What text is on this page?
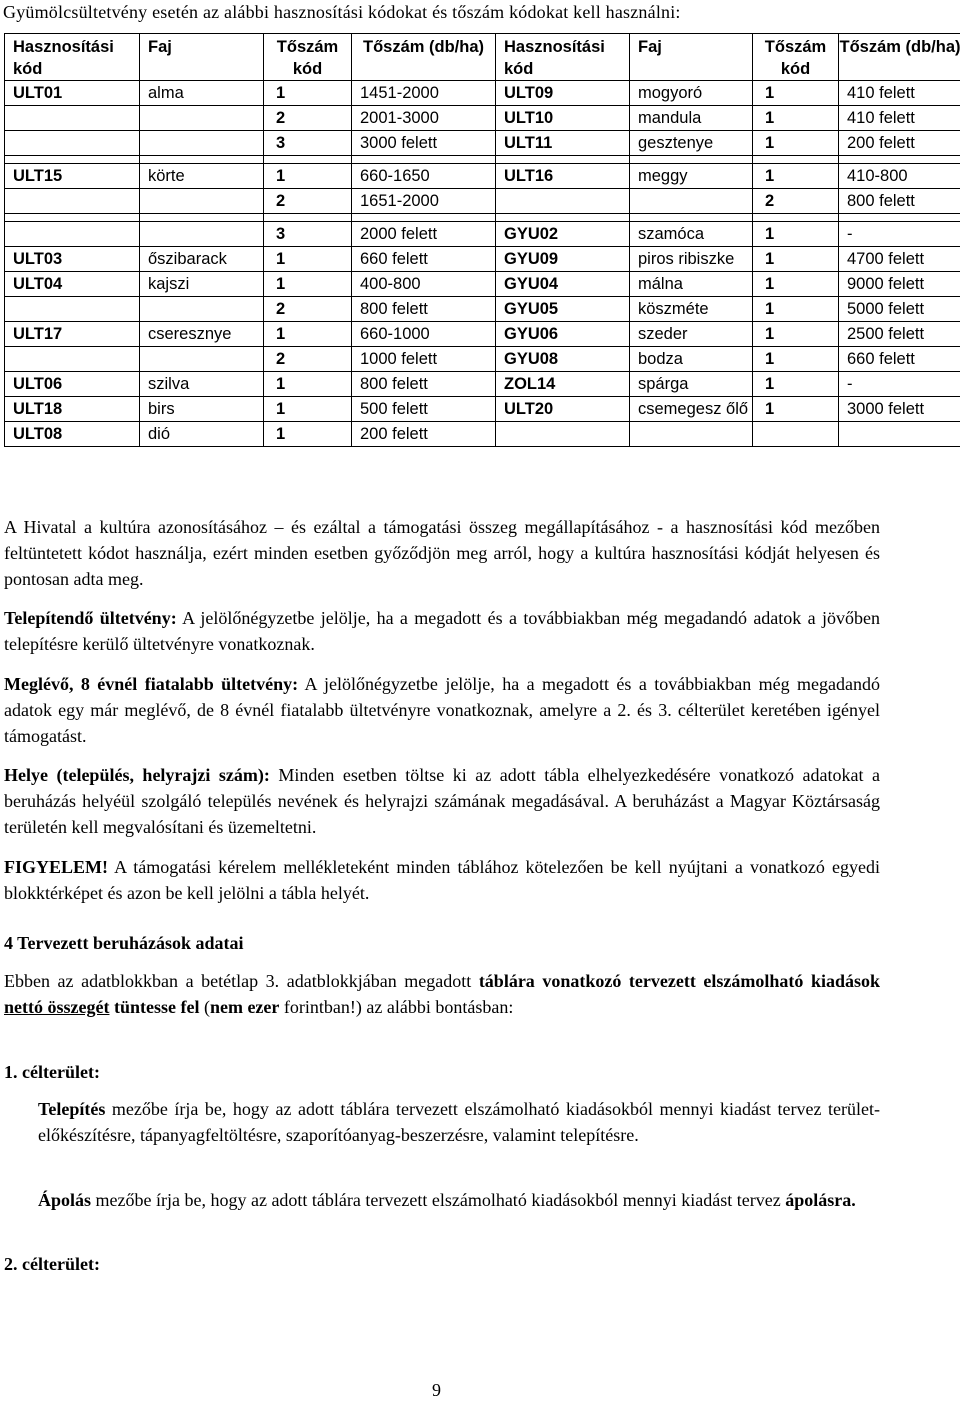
Gyümölcsültetvény esetén az alábbi hasznosítási kódokat és tőszám kódokat kell használni:
Hasznosítási kód	Faj	Tőszám kód	Tőszám (db/ha)	Hasznosítási kód	Faj	Tőszám kód	Tőszám (db/ha)
ULT01	alma	1	1451-2000	ULT09	mogyoró	1	410 felett
		2	2001-3000	ULT10	mandula	1	410 felett
		3	3000 felett	ULT11	gesztenye	1	200 felett

ULT15	körte	1	660-1650	ULT16	meggy	1	410-800
		2	1651-2000			2	800 felett

		3	2000 felett	GYU02	szamóca	1	-
ULT03	őszibarack	1	660 felett	GYU09	piros ribiszke	1	4700 felett
ULT04	kajszi	1	400-800	GYU04	málna	1	9000 felett
		2	800 felett	GYU05	köszméte	1	5000 felett
ULT17	cseresznye	1	660-1000	GYU06	szeder	1	2500 felett
		2	1000 felett	GYU08	bodza	1	660 felett
ULT06	szilva	1	800 felett	ZOL14	spárga	1	-
ULT18	birs	1	500 felett	ULT20	csemegesz őlő	1	3000 felett
ULT08	dió	1	200 felett				

A Hivatal a kultúra azonosításához – és ezáltal a támogatási összeg megállapításához - a hasznosítási kód mezőben feltüntetett kódot használja, ezért minden esetben győződjön meg arról, hogy a kultúra hasznosítási kódját helyesen és pontosan adta meg.

Telepítendő ültetvény: A jelölőnégyzetbe jelölje, ha a megadott és a továbbiakban még megadandó adatok a jövőben telepítésre kerülő ültetvényre vonatkoznak.

Meglévő, 8 évnél fiatalabb ültetvény: A jelölőnégyzetbe jelölje, ha a megadott és a továbbiakban még megadandó adatok egy már meglévő, de 8 évnél fiatalabb ültetvényre vonatkoznak, amelyre a 2. és 3. célterület keretében igényel támogatást.

Helye (település, helyrajzi szám): Minden esetben töltse ki az adott tábla elhelyezkedésére vonatkozó adatokat a beruházás helyéül szolgáló település nevének és helyrajzi számának megadásával. A beruházást a Magyar Köztársaság területén kell megvalósítani és üzemeltetni.

FIGYELEM! A támogatási kérelem mellékleteként minden táblához kötelezően be kell nyújtani a vonatkozó egyedi blokktérképet és azon be kell jelölni a tábla helyét.

4 Tervezett beruházások adatai

Ebben az adatblokkban a betétlap 3. adatblokkjában megadott táblára vonatkozó tervezett elszámolható kiadások nettó összegét tüntesse fel (nem ezer forintban!) az alábbi bontásban:

1. célterület:

Telepítés mezőbe írja be, hogy az adott táblára tervezett elszámolható kiadásokból mennyi kiadást tervez terület-előkészítésre, tápanyagfeltöltésre, szaporítóanyag-beszerzésre, valamint telepítésre.

Ápolás mezőbe írja be, hogy az adott táblára tervezett elszámolható kiadásokból mennyi kiadást tervez ápolásra.

2. célterület:

9
